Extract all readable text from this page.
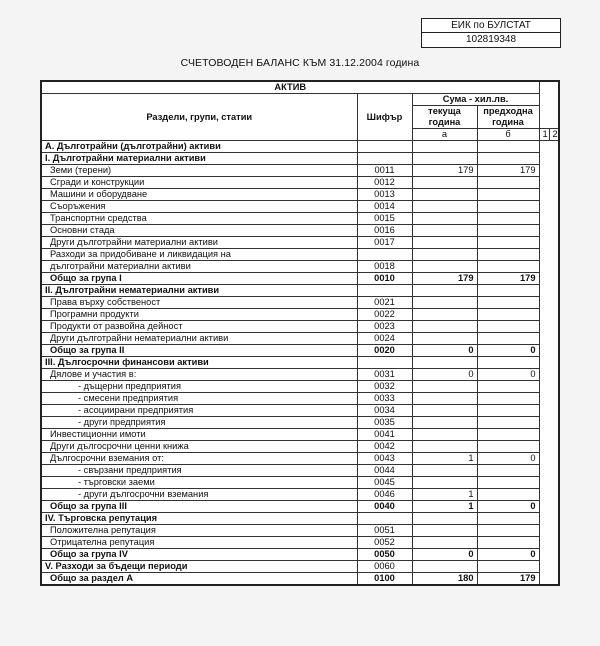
ЕИК по БУЛСТАТ
102819348
СЧЕТОВОДЕН БАЛАНС КЪМ 31.12.2004 година
АКТИВ					
Раздели, групи, статии	Шифър	Сума - хил.лв.			
		текуща година	предходна година		
		а	б	1	2
А. Дълготрайни (дълготрайни) активи					
I. Дълготрайни материални активи					
Земи (терени)	0011	179	179		
Сгради и конструкции	0012				
Машини и оборудване	0013				
Съоръжения	0014				
Транспортни средства	0015				
Основни стада	0016				
Други дълготрайни материални активи	0017				
Разходи за придобиване и ликвидация на					
дълготрайни материални активи	0018				
Общо за група I	0010	179	179		
II. Дълготрайни нематериални активи					
Права върху собственост	0021				
Програмни продукти	0022				
Продукти от развойна дейност	0023				
Други дълготрайни нематериални активи	0024				
Общо за група II	0020	0	0		
III. Дългосрочни финансови активи					
Дялове и участия в:	0031	0	0		
- дъщерни предприятия	0032				
- смесени предприятия	0033				
- асоциирани предприятия	0034				
- други предприятия	0035				
Инвестиционни имоти	0041				
Други дългосрочни ценни книжа	0042				
Дългосрочни вземания от:	0043	1	0		
- свързани предприятия	0044				
- търговски заеми	0045				
- други дългосрочни вземания	0046	1			
Общо за група III	0040	1	0		
IV. Търговска репутация					
Положителна репутация	0051				
Отрицателна репутация	0052				
Общо за група IV	0050	0	0		
V. Разходи за бъдещи периоди	0060				
Общо за раздел А	0100	180	179		
